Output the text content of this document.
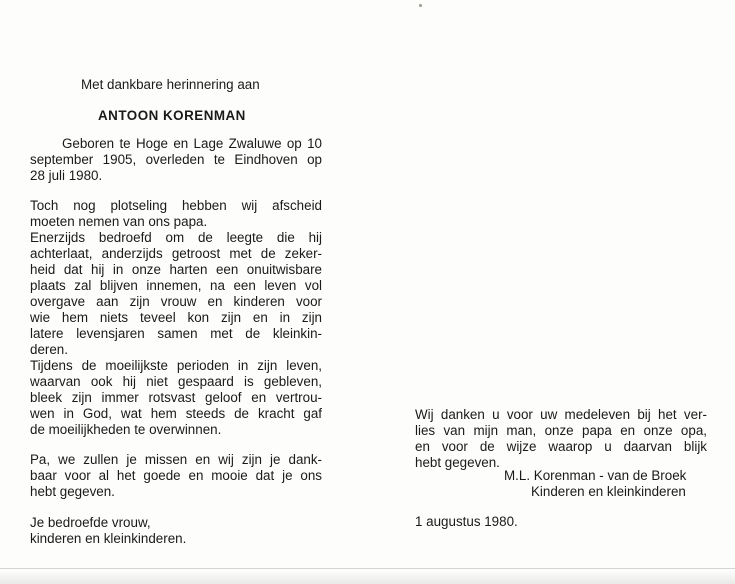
Met dankbare herinnering aan
ANTOON KORENMAN
Geboren te Hoge en Lage Zwaluwe op 10
september 1905, overleden te Eindhoven op
28 juli 1980.
Toch nog plotseling hebben wij afscheid
moeten nemen van ons papa.
Enerzijds bedroefd om de leegte die hij
achterlaat, anderzijds getroost met de zeker-
heid dat hij in onze harten een onuitwisbare
plaats zal blijven innemen, na een leven vol
overgave aan zijn vrouw en kinderen voor
wie hem niets teveel kon zijn en in zijn
latere levensjaren samen met de kleinkin-
deren.
Tijdens de moeilijkste perioden in zijn leven,
waarvan ook hij niet gespaard is gebleven,
bleek zijn immer rotsvast geloof en vertrou-
wen in God, wat hem steeds de kracht gaf
de moeilijkheden te overwinnen.
Pa, we zullen je missen en wij zijn je dank-
baar voor al het goede en mooie dat je ons
hebt gegeven.
Je bedroefde vrouw,
kinderen en kleinkinderen.
Wij danken u voor uw medeleven bij het ver-
lies van mijn man, onze papa en onze opa,
en voor de wijze waarop u daarvan blijk
hebt gegeven.
M.L. Korenman - van de Broek
Kinderen en kleinkinderen
1 augustus 1980.
